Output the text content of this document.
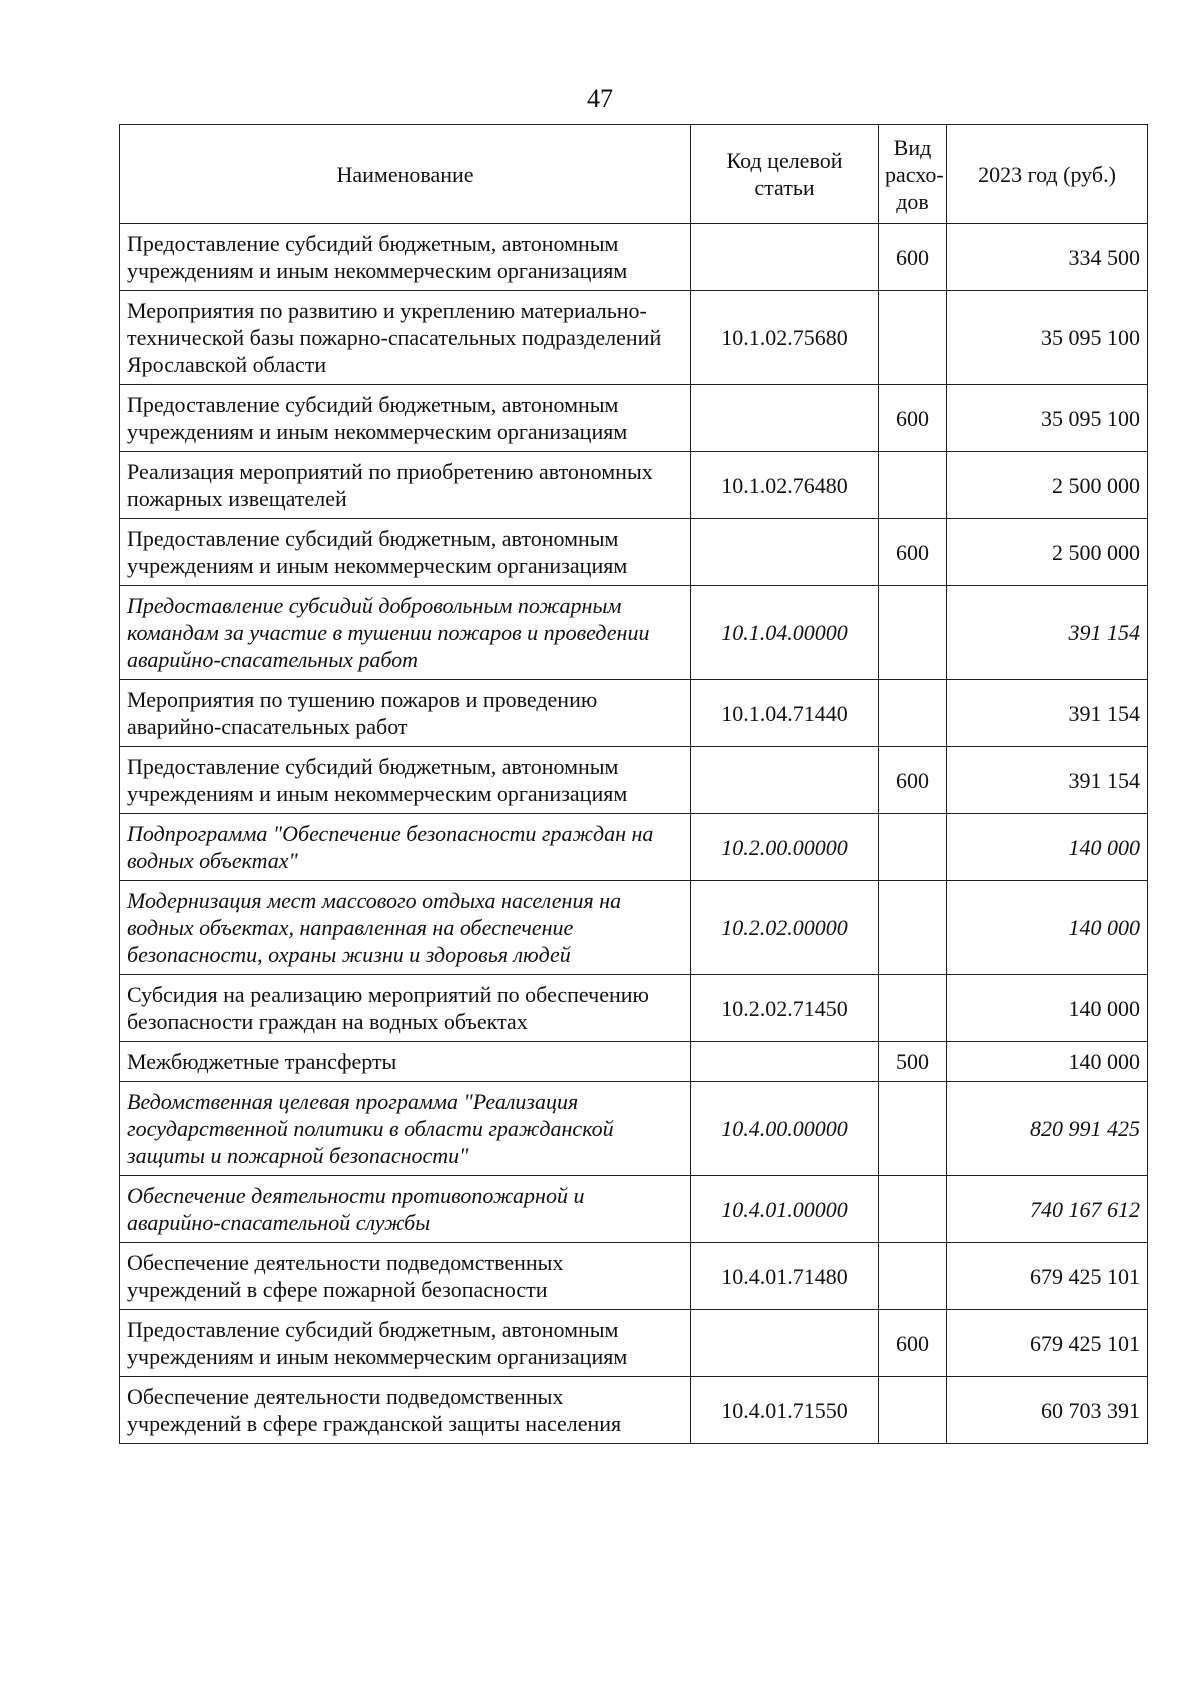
47
Наименование	Код целевой статьи	Вид расхо-дов	2023 год (руб.)
Предоставление субсидий бюджетным, автономным учреждениям и иным некоммерческим организациям		600	334 500
Мероприятия по развитию и укреплению материально-технической базы пожарно-спасательных подразделений Ярославской области	10.1.02.75680		35 095 100
Предоставление субсидий бюджетным, автономным учреждениям и иным некоммерческим организациям		600	35 095 100
Реализация мероприятий по приобретению автономных пожарных извещателей	10.1.02.76480		2 500 000
Предоставление субсидий бюджетным, автономным учреждениям и иным некоммерческим организациям		600	2 500 000
Предоставление субсидий добровольным пожарным командам за участие в тушении пожаров и проведении аварийно-спасательных работ	10.1.04.00000		391 154
Мероприятия по тушению пожаров и проведению аварийно-спасательных работ	10.1.04.71440		391 154
Предоставление субсидий бюджетным, автономным учреждениям и иным некоммерческим организациям		600	391 154
Подпрограмма "Обеспечение безопасности граждан на водных объектах"	10.2.00.00000		140 000
Модернизация мест массового отдыха населения на водных объектах, направленная на обеспечение безопасности, охраны жизни и здоровья людей	10.2.02.00000		140 000
Субсидия на реализацию мероприятий по обеспечению безопасности граждан на водных объектах	10.2.02.71450		140 000
Межбюджетные трансферты		500	140 000
Ведомственная целевая программа "Реализация государственной политики в области гражданской защиты и пожарной безопасности"	10.4.00.00000		820 991 425
Обеспечение деятельности противопожарной и аварийно-спасательной службы	10.4.01.00000		740 167 612
Обеспечение деятельности подведомственных учреждений в сфере пожарной безопасности	10.4.01.71480		679 425 101
Предоставление субсидий бюджетным, автономным учреждениям и иным некоммерческим организациям		600	679 425 101
Обеспечение деятельности подведомственных учреждений в сфере гражданской защиты населения	10.4.01.71550		60 703 391
